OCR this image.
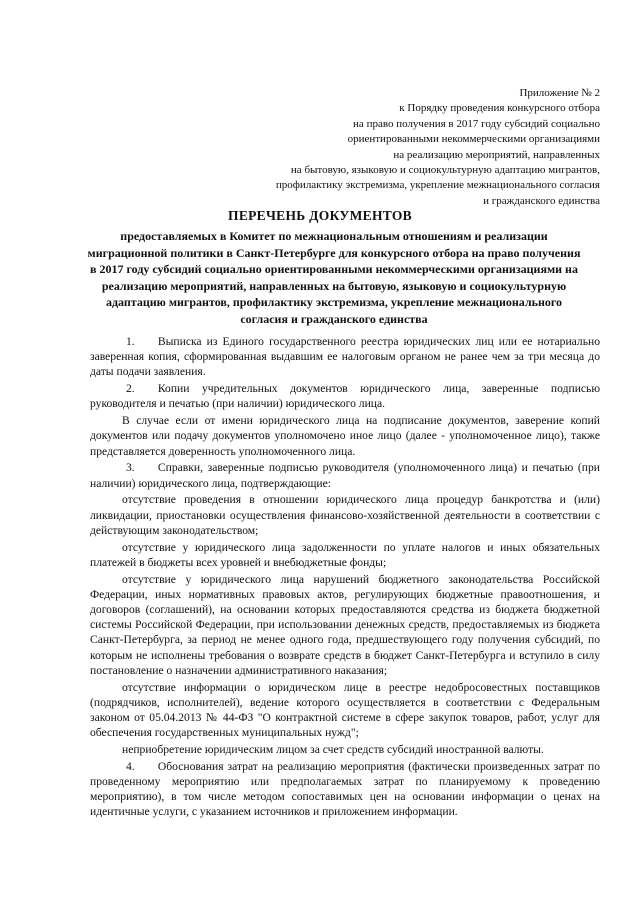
Приложение № 2
к Порядку проведения конкурсного отбора
на право получения в 2017 году субсидий социально
ориентированными некоммерческими организациями
на реализацию мероприятий, направленных
на бытовую, языковую и социокультурную адаптацию мигрантов,
профилактику экстремизма, укрепление межнационального согласия
и гражданского единства
ПЕРЕЧЕНЬ ДОКУМЕНТОВ
предоставляемых в Комитет по межнациональным отношениям и реализации миграционной политики в Санкт-Петербурге для конкурсного отбора на право получения в 2017 году субсидий социально ориентированными некоммерческими организациями на реализацию мероприятий, направленных на бытовую, языковую и социокультурную адаптацию мигрантов, профилактику экстремизма, укрепление межнационального согласия и гражданского единства

1.  Выписка из Единого государственного реестра юридических лиц или ее нотариально заверенная копия, сформированная выдавшим ее налоговым органом не ранее чем за три месяца до даты подачи заявления.

2.  Копии учредительных документов юридического лица, заверенные подписью руководителя и печатью (при наличии) юридического лица.

В случае если от имени юридического лица на подписание документов, заверение копий документов или подачу документов уполномочено иное лицо (далее - уполномоченное лицо), также представляется доверенность уполномоченного лица.

3.  Справки, заверенные подписью руководителя (уполномоченного лица) и печатью (при наличии) юридического лица, подтверждающие:

отсутствие проведения в отношении юридического лица процедур банкротства и (или) ликвидации, приостановки осуществления финансово-хозяйственной деятельности в соответствии с действующим законодательством;

отсутствие у юридического лица задолженности по уплате налогов и иных обязательных платежей в бюджеты всех уровней и внебюджетные фонды;

отсутствие у юридического лица нарушений бюджетного законодательства Российской Федерации, иных нормативных правовых актов, регулирующих бюджетные правоотношения, и договоров (соглашений), на основании которых предоставляются средства из бюджета бюджетной системы Российской Федерации, при использовании денежных средств, предоставляемых из бюджета Санкт-Петербурга, за период не менее одного года, предшествующего году получения субсидий, по которым не исполнены требования о возврате средств в бюджет Санкт-Петербурга и вступило в силу постановление о назначении административного наказания;

отсутствие информации о юридическом лице в реестре недобросовестных поставщиков (подрядчиков, исполнителей), ведение которого осуществляется в соответствии с Федеральным законом от 05.04.2013 № 44-ФЗ "О контрактной системе в сфере закупок товаров, работ, услуг для обеспечения государственных муниципальных нужд";

неприобретение юридическим лицом за счет средств субсидий иностранной валюты.

4.  Обоснования затрат на реализацию мероприятия (фактически произведенных затрат по проведенному мероприятию или предполагаемых затрат по планируемому к проведению мероприятию), в том числе методом сопоставимых цен на основании информации о ценах на идентичные услуги, с указанием источников и приложением информации.
